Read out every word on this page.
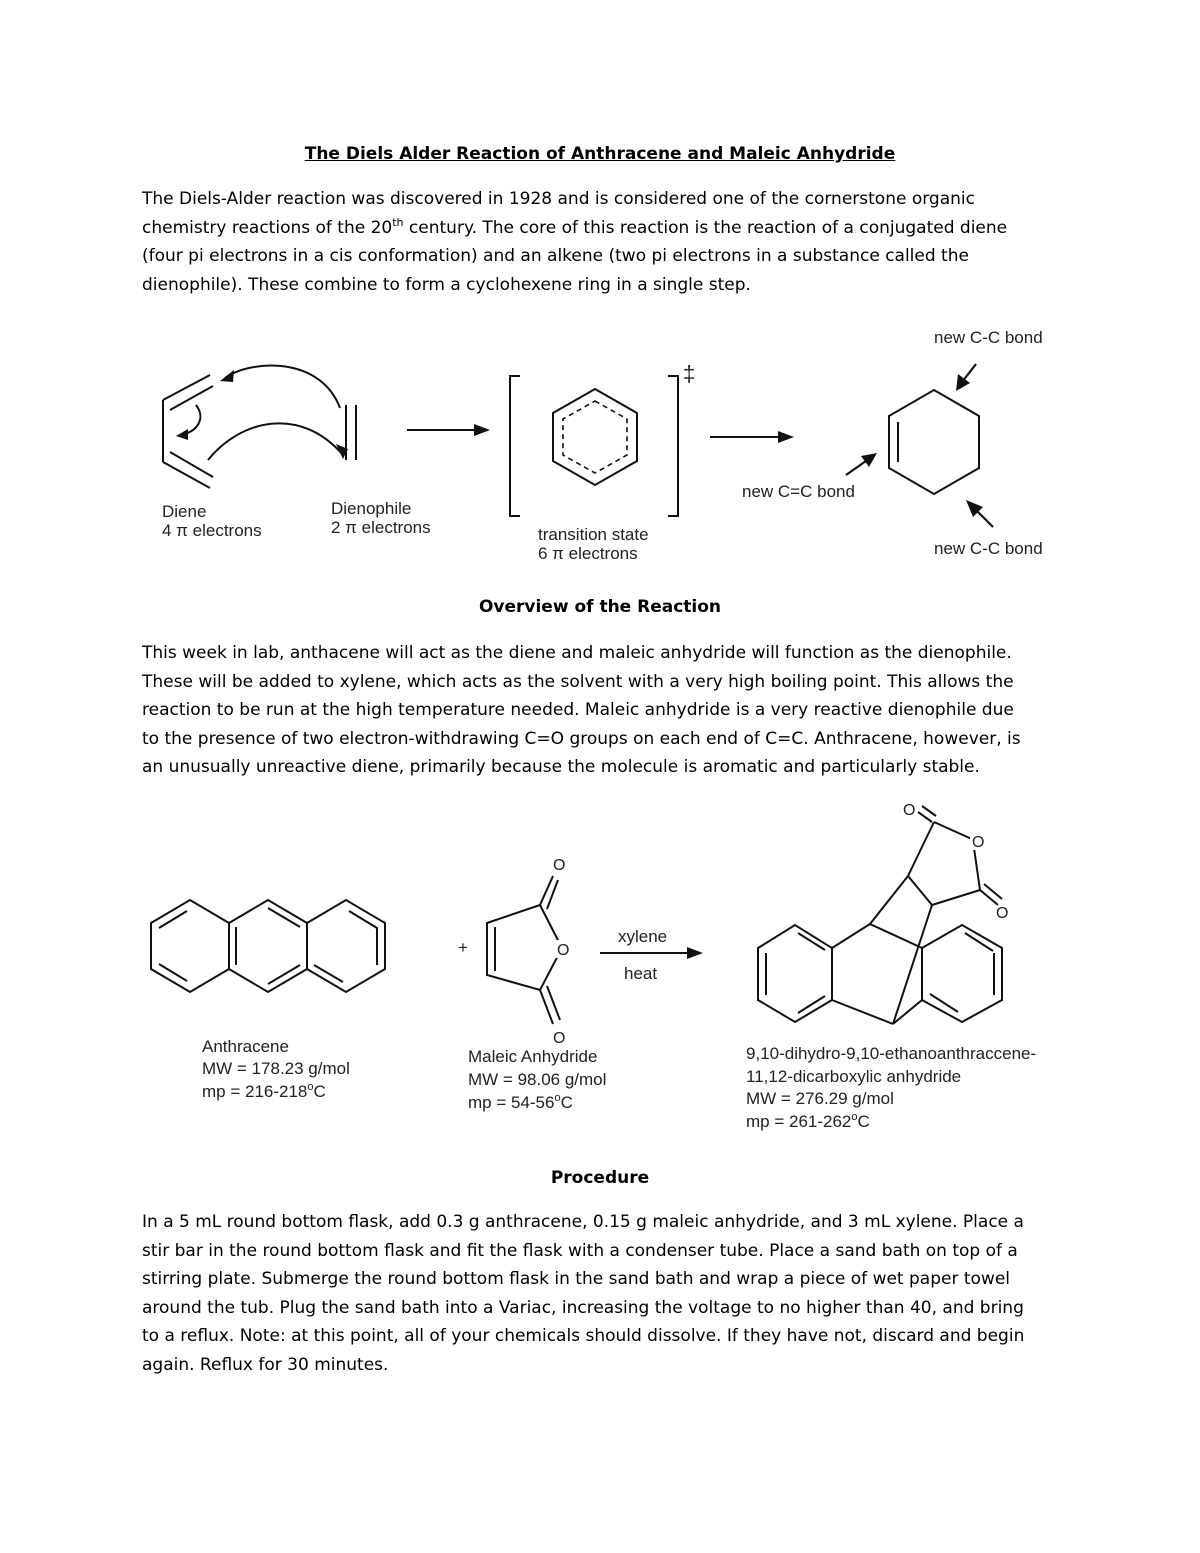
The Diels Alder Reaction of Anthracene and Maleic Anhydride
The Diels-Alder reaction was discovered in 1928 and is considered one of the cornerstone organic
chemistry reactions of the 20th century. The core of this reaction is the reaction of a conjugated diene
(four pi electrons in a cis conformation) and an alkene (two pi electrons in a substance called the
dienophile). These combine to form a cyclohexene ring in a single step.
‡
Diene
4 π electrons
Dienophile
2 π electrons	transition state
6 π electrons
new C-C bond
new C=C bond
new C-C bond
Overview of the Reaction
This week in lab, anthacene will act as the diene and maleic anhydride will function as the dienophile.
These will be added to xylene, which acts as the solvent with a very high boiling point. This allows the
reaction to be run at the high temperature needed. Maleic anhydride is a very reactive dienophile due
to the presence of two electron-withdrawing C=O groups on each end of C=C. Anthracene, however, is
an unusually unreactive diene, primarily because the molecule is aromatic and particularly stable.
+	O
O
O
xylene
heat
O
O
O
Anthracene
MW = 178.23 g/mol
mp = $216-218^oC$
Maleic Anhydride
MW = 98.06 g/mol
mp = $54-56^oC$
9,10-dihydro-9,10-ethanoanthraccene-
11,12-dicarboxylic anhydride
MW = 276.29 g/mol
mp = $261-262^oC$
Procedure
In a 5 mL round bottom flask, add 0.3 g anthracene, 0.15 g maleic anhydride, and 3 mL xylene. Place a
stir bar in the round bottom flask and fit the flask with a condenser tube. Place a sand bath on top of a
stirring plate. Submerge the round bottom flask in the sand bath and wrap a piece of wet paper towel
around the tub. Plug the sand bath into a Variac, increasing the voltage to no higher than 40, and bring
to a reflux. Note: at this point, all of your chemicals should dissolve. If they have not, discard and begin
again. Reflux for 30 minutes.
